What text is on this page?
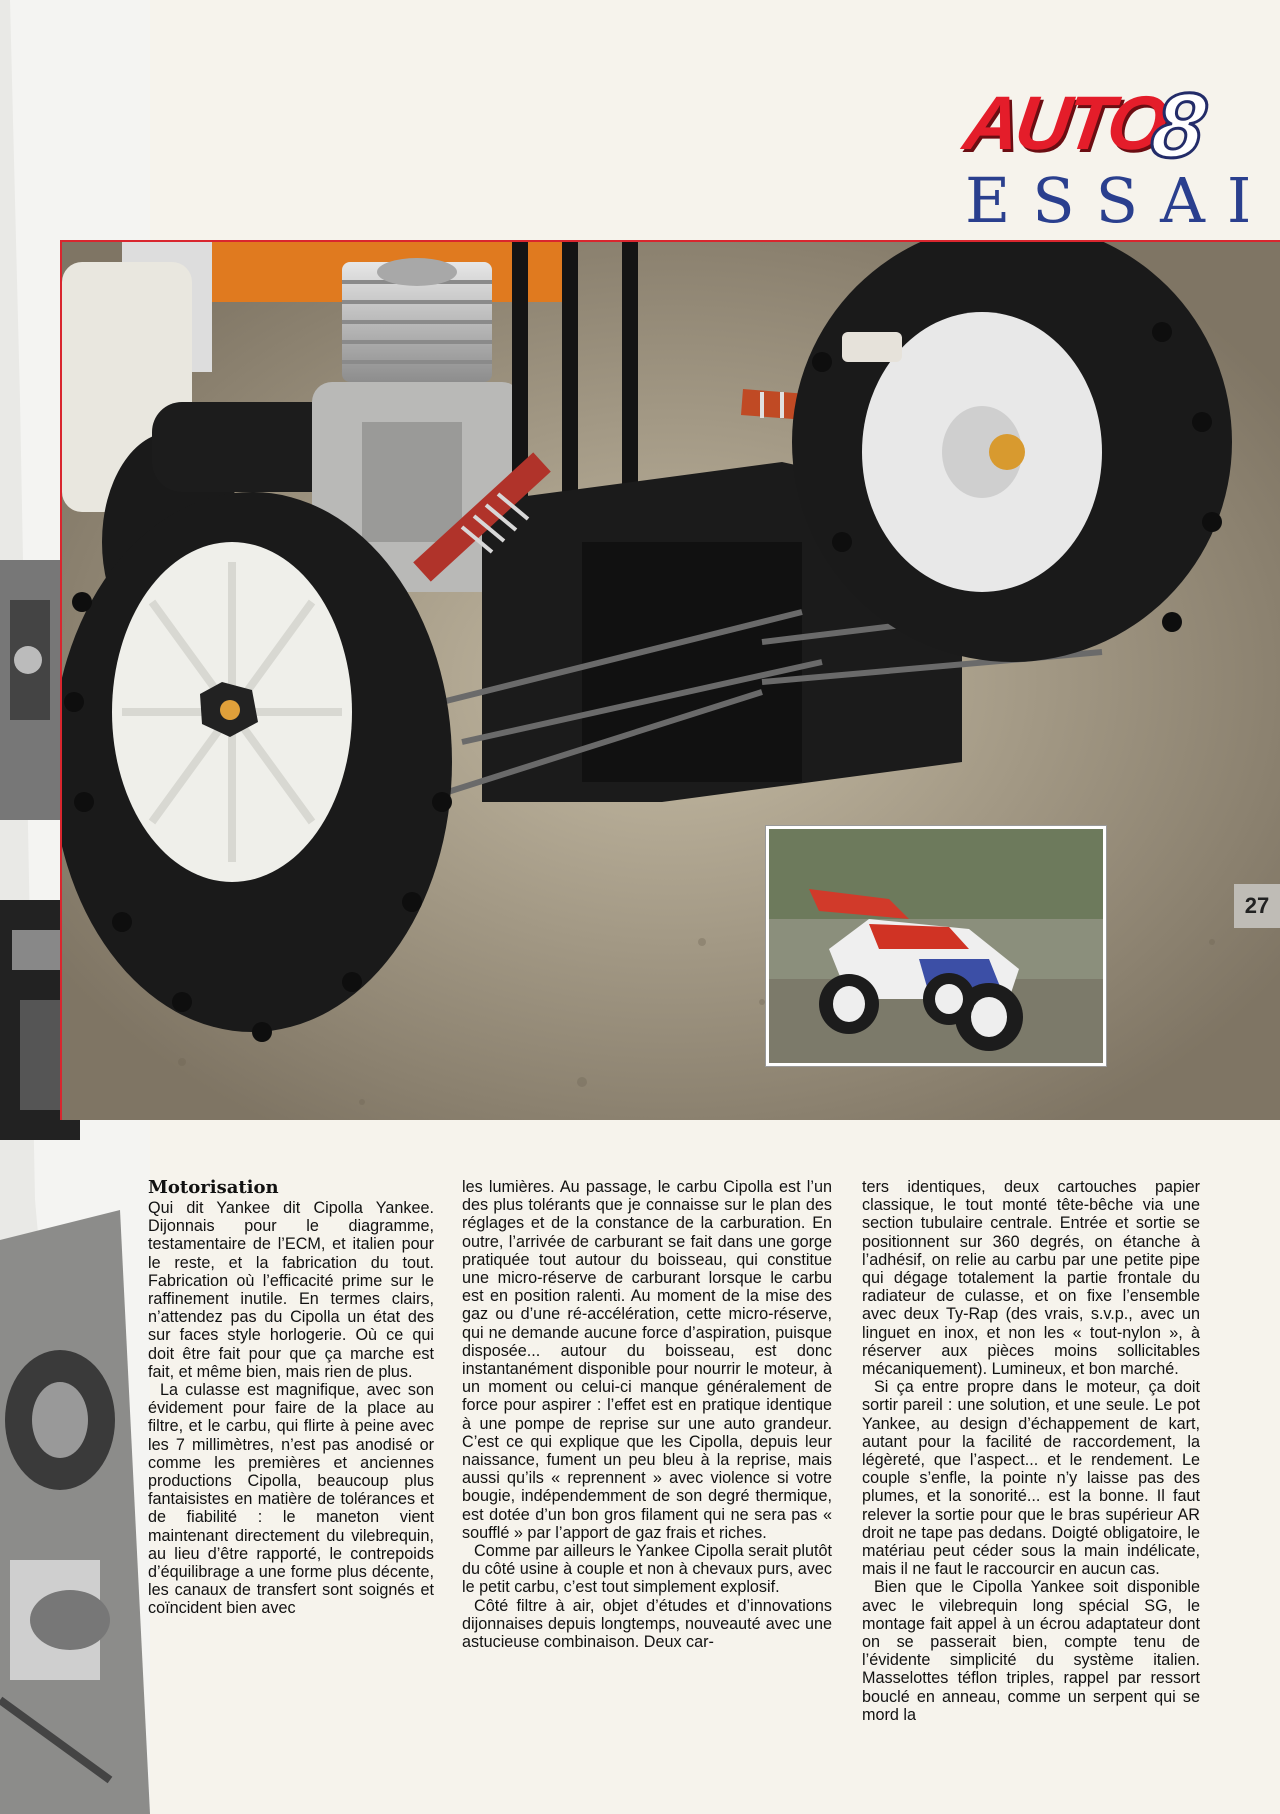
AUTO
8
ESSAI
27
Motorisation

Qui dit Yankee dit Cipolla Yankee. Dijonnais pour le diagramme, testamentaire de l’ECM, et italien pour le reste, et la fabrication du tout. Fabrication où l’efficacité prime sur le raffinement inutile. En termes clairs, n’attendez pas du Cipolla un état des sur faces style horlogerie. Où ce qui doit être fait pour que ça marche est fait, et même bien, mais rien de plus.

La culasse est magnifique, avec son évidement pour faire de la place au filtre, et le carbu, qui flirte à peine avec les 7 millimètres, n’est pas anodisé or comme les premières et anciennes productions Cipolla, beaucoup plus fantaisistes en matière de tolérances et de fiabilité : le maneton vient maintenant directement du vilebrequin, au lieu d’être rapporté, le contrepoids d’équilibrage a une forme plus décente, les canaux de transfert sont soignés et coïncident bien avec

les lumières. Au passage, le carbu Cipolla est l’un des plus tolérants que je connaisse sur le plan des réglages et de la constance de la carburation. En outre, l’arrivée de carburant se fait dans une gorge pratiquée tout autour du boisseau, qui constitue une micro-réserve de carburant lorsque le carbu est en position ralenti. Au moment de la mise des gaz ou d’une ré-accélération, cette micro-réserve, qui ne demande aucune force d’aspiration, puisque disposée... autour du boisseau, est donc instantanément disponible pour nourrir le moteur, à un moment ou celui-ci manque généralement de force pour aspirer : l’effet est en pratique identique à une pompe de reprise sur une auto grandeur. C’est ce qui explique que les Cipolla, depuis leur naissance, fument un peu bleu à la reprise, mais aussi qu’ils « reprennent » avec violence si votre bougie, indépendemment de son degré thermique, est dotée d’un bon gros filament qui ne sera pas « soufflé » par l’apport de gaz frais et riches.

Comme par ailleurs le Yankee Cipolla serait plutôt du côté usine à couple et non à chevaux purs, avec le petit carbu, c’est tout simplement explosif.

Côté filtre à air, objet d’études et d’innovations dijonnaises depuis longtemps, nouveauté avec une astucieuse combinaison. Deux car-

ters identiques, deux cartouches papier classique, le tout monté tête-bêche via une section tubulaire centrale. Entrée et sortie se positionnent sur 360 degrés, on étanche à l’adhésif, on relie au carbu par une petite pipe qui dégage totalement la partie frontale du radiateur de culasse, et on fixe l’ensemble avec deux Ty-Rap (des vrais, s.v.p., avec un linguet en inox, et non les « tout-nylon », à réserver aux pièces moins sollicitables mécaniquement). Lumineux, et bon marché.

Si ça entre propre dans le moteur, ça doit sortir pareil : une solution, et une seule. Le pot Yankee, au design d’échappement de kart, autant pour la facilité de raccordement, la légèreté, que l’aspect... et le rendement. Le couple s’enfle, la pointe n’y laisse pas des plumes, et la sonorité... est la bonne. Il faut relever la sortie pour que le bras supérieur AR droit ne tape pas dedans. Doigté obligatoire, le matériau peut céder sous la main indélicate, mais il ne faut le raccourcir en aucun cas.

Bien que le Cipolla Yankee soit disponible avec le vilebrequin long spécial SG, le montage fait appel à un écrou adaptateur dont on se passerait bien, compte tenu de l’évidente simplicité du système italien. Masselottes téflon triples, rappel par ressort bouclé en anneau, comme un serpent qui se mord la
